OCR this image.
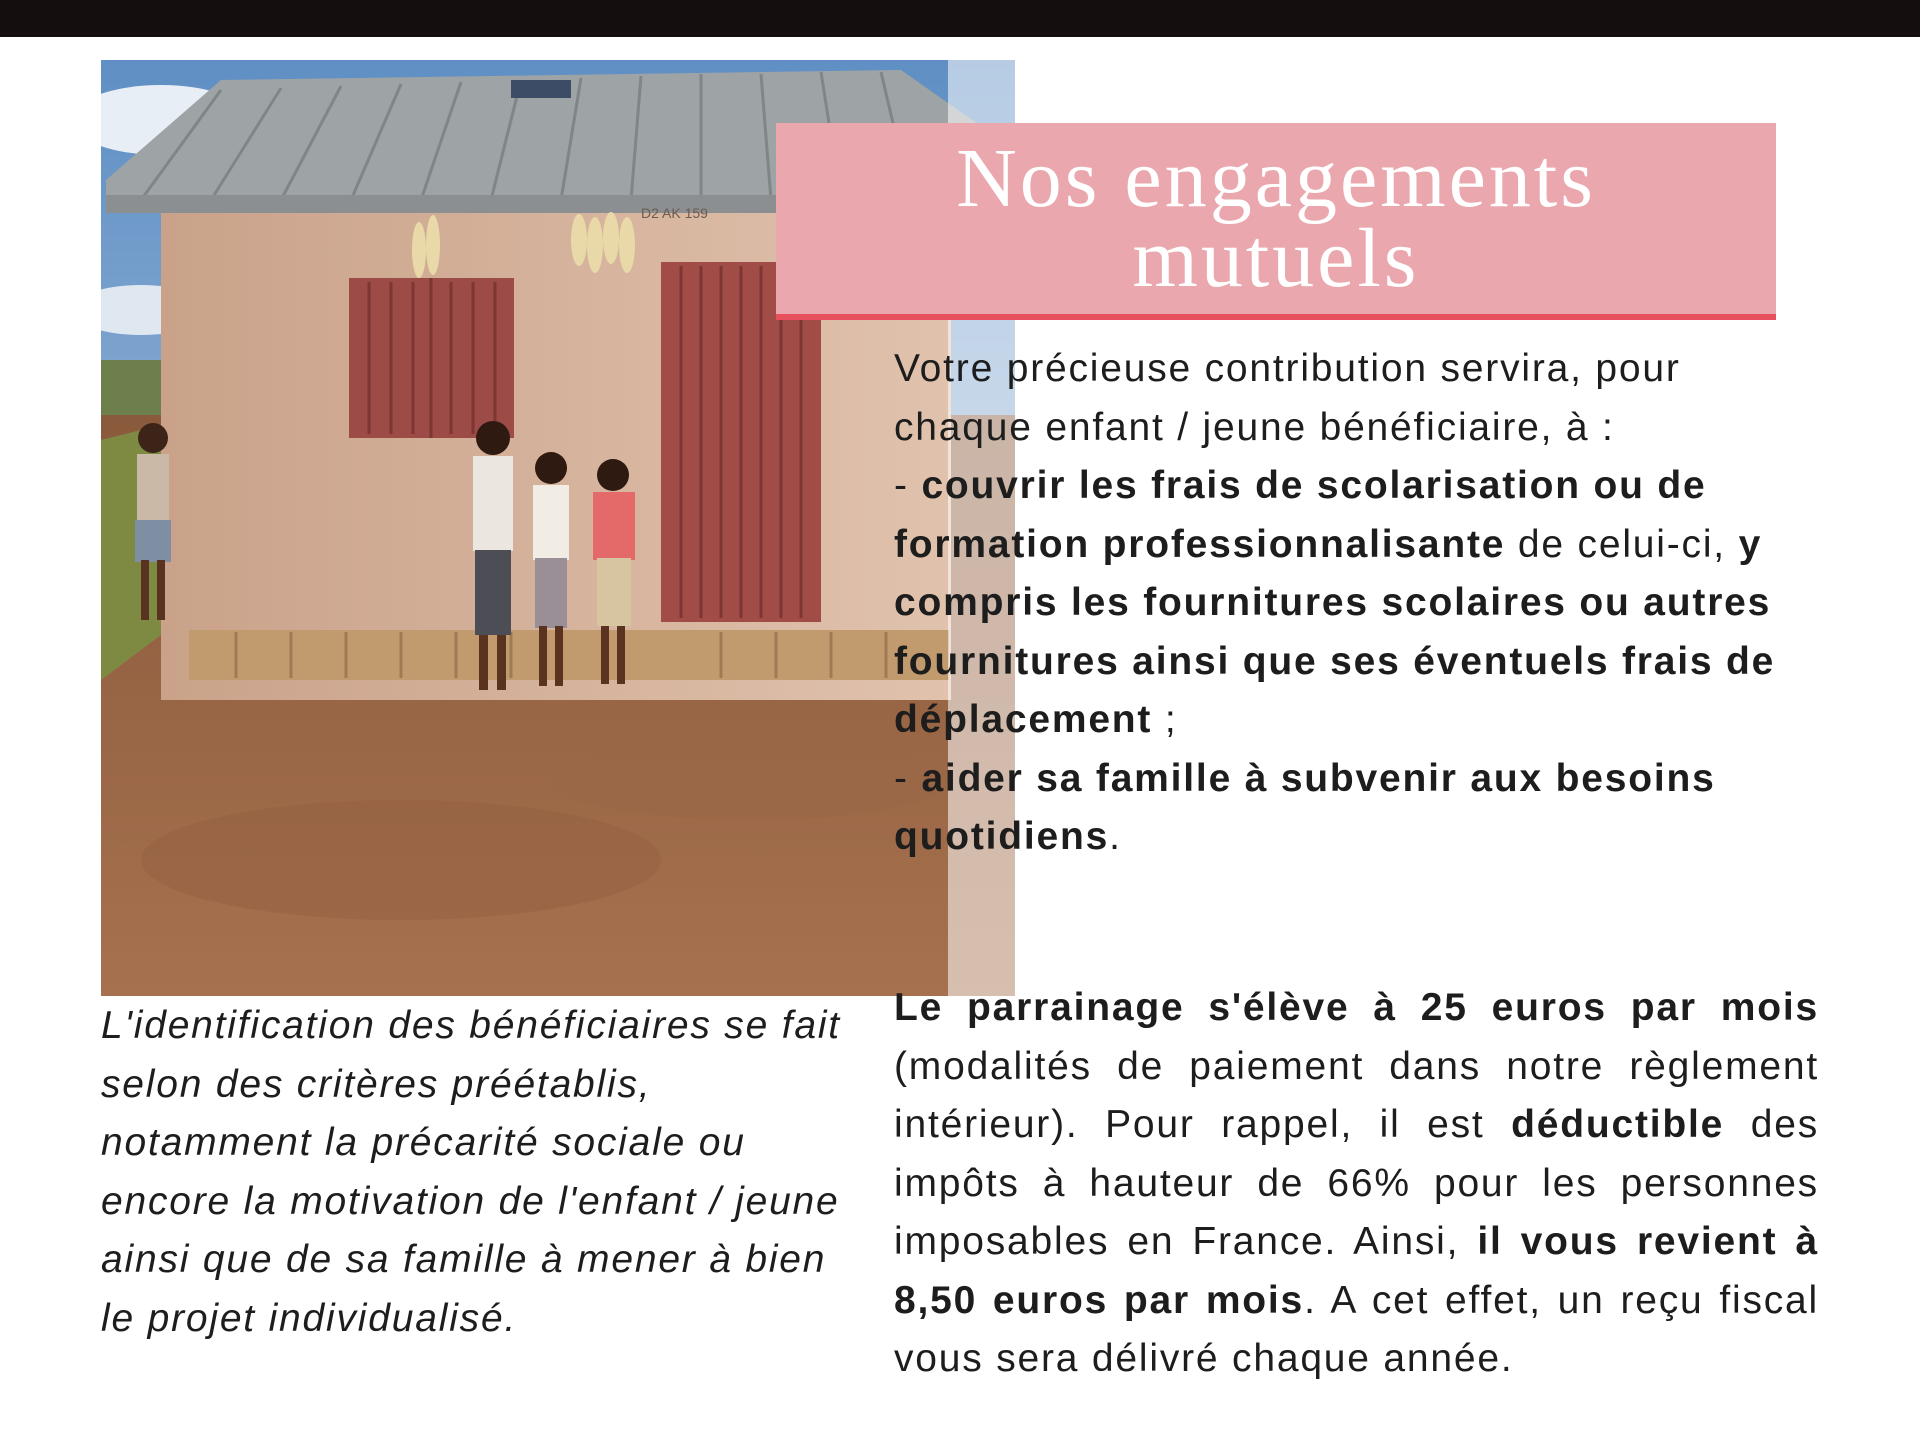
D2 AK 159	Nos engagements mutuels

Votre précieuse contribution servira, pour chaque enfant / jeune bénéficiaire, à :
- couvrir les frais de scolarisation ou de formation professionnalisante de celui-ci, y compris les fournitures scolaires ou autres fournitures ainsi que ses éventuels frais de déplacement ;
- aider sa famille à subvenir aux besoins quotidiens.

Le parrainage s'élève à 25 euros par mois (modalités de paiement dans notre règlement intérieur). Pour rappel, il est déductible des impôts à hauteur de 66% pour les personnes imposables en France. Ainsi, il vous revient à 8,50 euros par mois. A cet effet, un reçu fiscal vous sera délivré chaque année.

L'identification des bénéficiaires se fait selon des critères préétablis, notamment la précarité sociale ou encore la motivation de l'enfant / jeune ainsi que de sa famille à mener à bien le projet individualisé.
